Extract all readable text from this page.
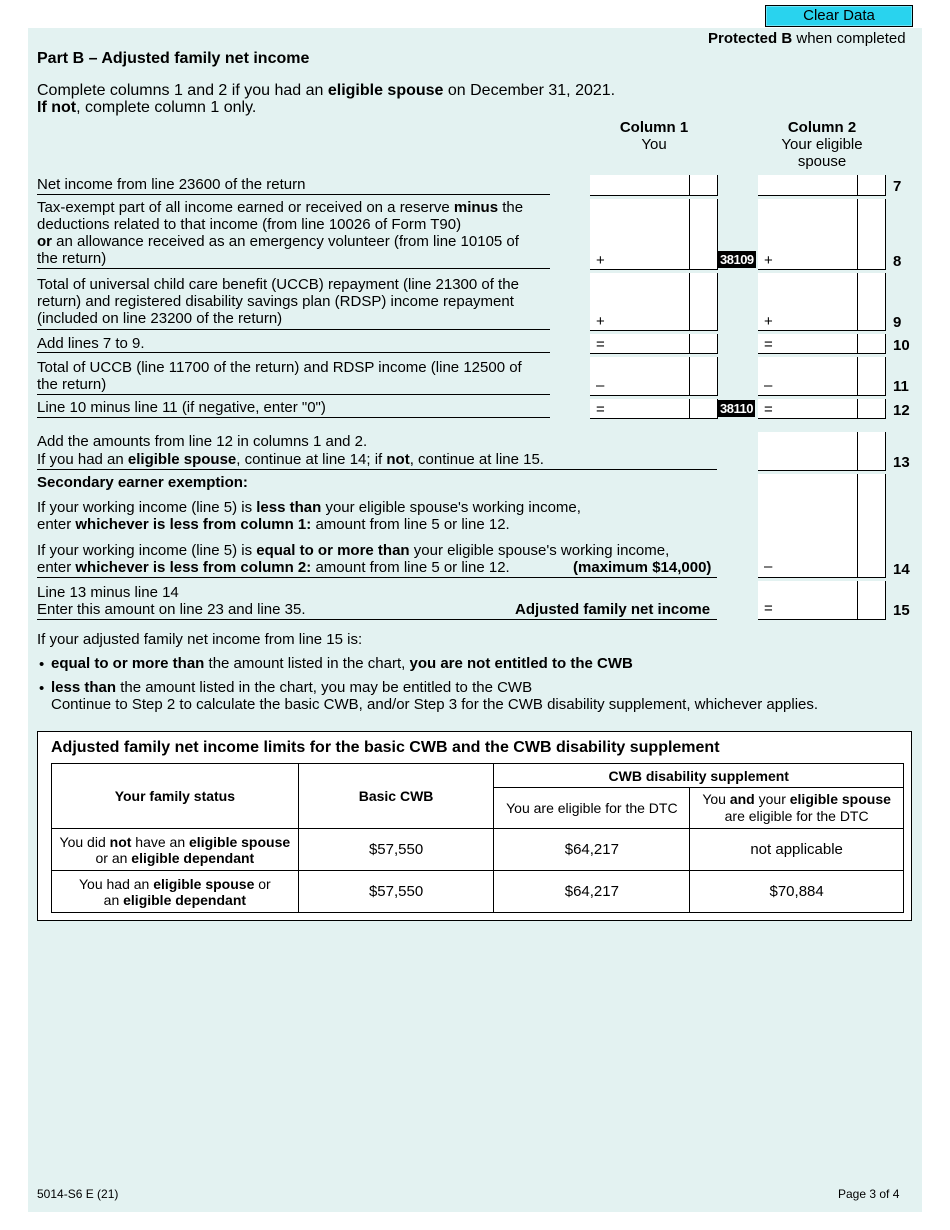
Clear Data
Protected B when completed
Part B – Adjusted family net income
Complete columns 1 and 2 if you had an eligible spouse on December 31, 2021.
If not, complete column 1 only.
Column 1
You
Column 2
Your eligible
spouse
Net income from line 23600 of the return	7
Tax-exempt part of all income earned or received on a reserve minus the
deductions related to that income (from line 10026 of Form T90)
or an allowance received as an emergency volunteer (from line 10105 of
the return)	+	38109 +	8
Total of universal child care benefit (UCCB) repayment (line 21300 of the
return) and registered disability savings plan (RDSP) income repayment
(included on line 23200 of the return)	+	+	9
Add lines 7 to 9.	=	=	10
Total of UCCB (line 11700 of the return) and RDSP income (line 12500 of
the return)	–	–	11
Line 10 minus line 11 (if negative, enter "0")	=	38110 =	12
Add the amounts from line 12 in columns 1 and 2.
If you had an eligible spouse, continue at line 14; if not, continue at line 15.	13
Secondary earner exemption:
If your working income (line 5) is less than your eligible spouse's working income,
enter whichever is less from column 1: amount from line 5 or line 12.
If your working income (line 5) is equal to or more than your eligible spouse's working income,
enter whichever is less from column 2: amount from line 5 or line 12.	(maximum $14,000)	–	14
Line 13 minus line 14
Enter this amount on line 23 and line 35.	Adjusted family net income	=	15
If your adjusted family net income from line 15 is:
• equal to or more than the amount listed in the chart, you are not entitled to the CWB
• less than the amount listed in the chart, you may be entitled to the CWB
Continue to Step 2 to calculate the basic CWB, and/or Step 3 for the CWB disability supplement, whichever applies.
Adjusted family net income limits for the basic CWB and the CWB disability supplement
Your family status	Basic CWB	CWB disability supplement	
		You are eligible for the DTC	You and your eligible spouse
are eligible for the DTC
You did not have an eligible spouse
or an eligible dependant	$57,550	$64,217	not applicable
You had an eligible spouse or
an eligible dependant	$57,550	$64,217	$70,884
5014-S6 E (21)	Page 3 of 4
